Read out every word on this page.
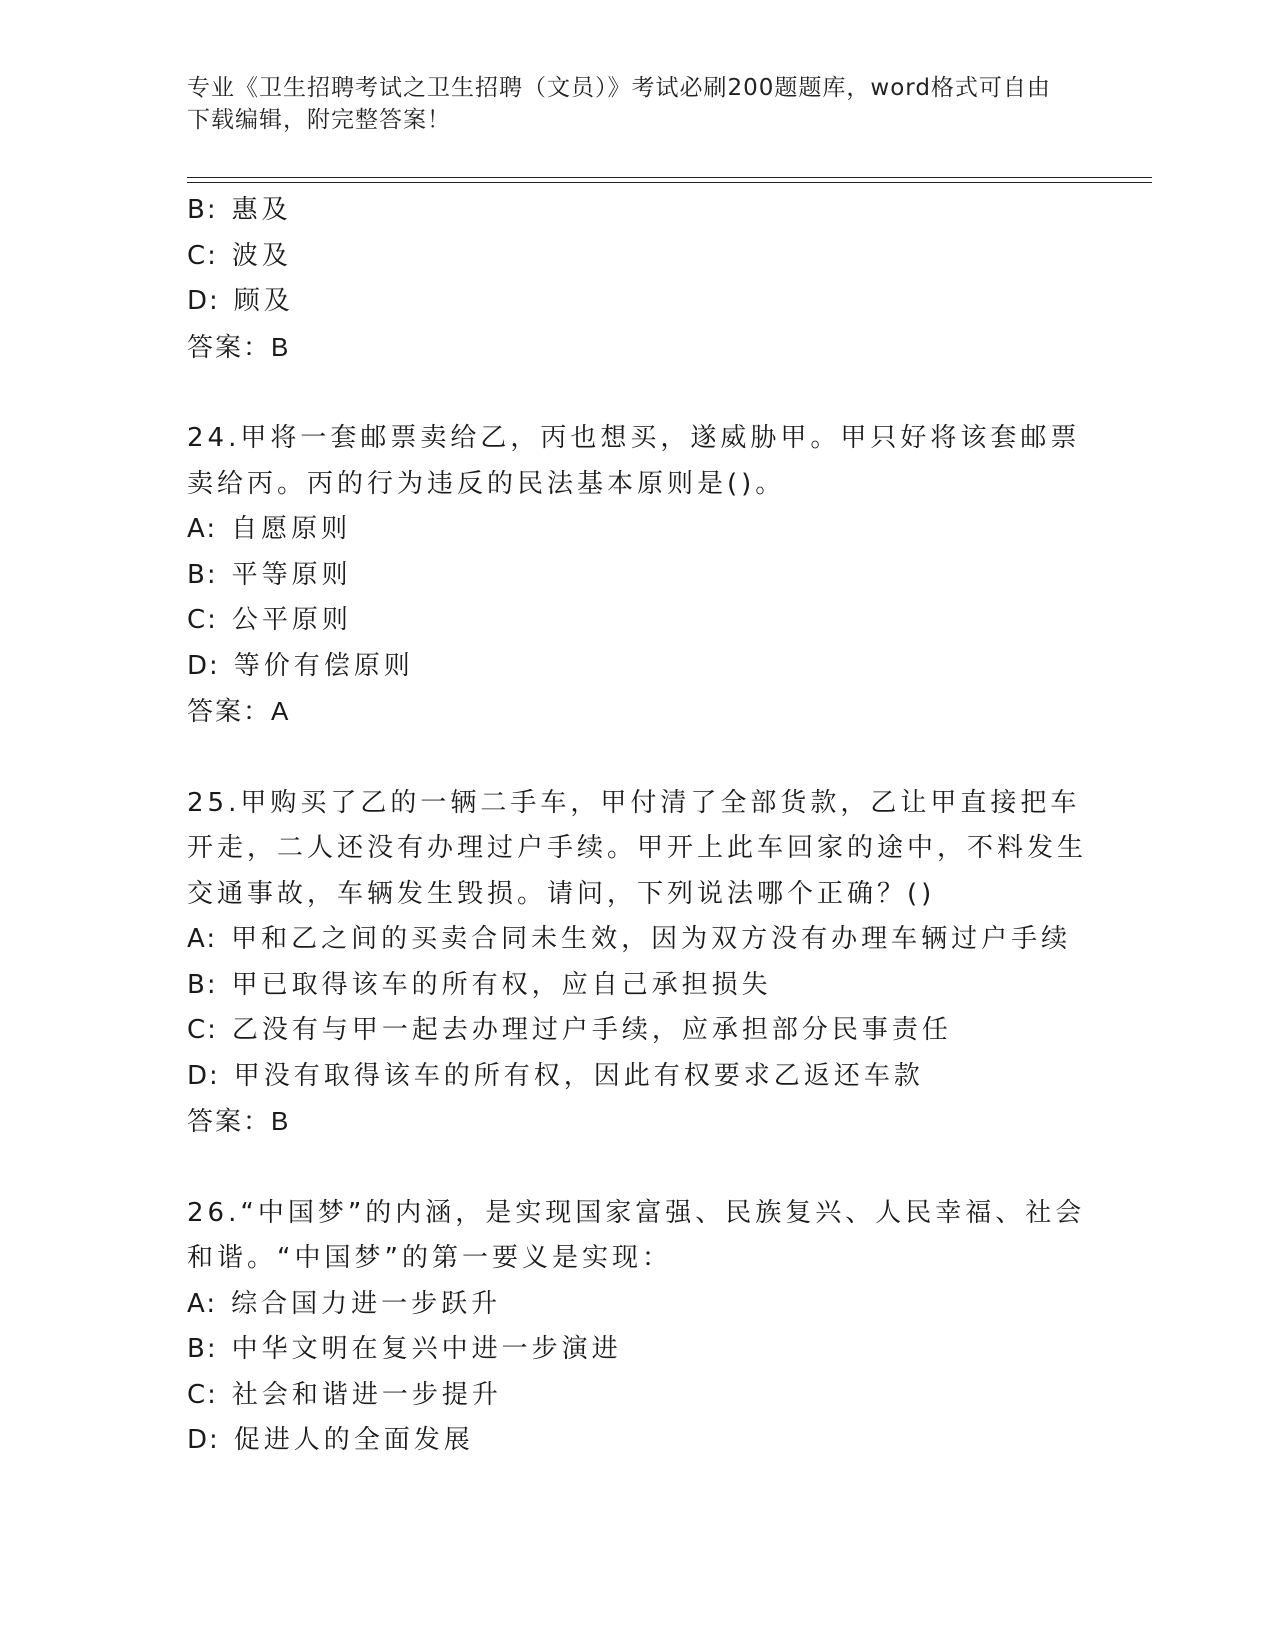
专业《卫生招聘考试之卫生招聘（文员）》考试必刷200题题库，word格式可自由下载编辑，附完整答案！
B: 惠及
C: 波及
D: 顾及
答案：B
24.甲将一套邮票卖给乙，丙也想买，遂威胁甲。甲只好将该套邮票卖给丙。丙的行为违反的民法基本原则是()。
A: 自愿原则
B: 平等原则
C: 公平原则
D: 等价有偿原则
答案：A
25.甲购买了乙的一辆二手车，甲付清了全部货款，乙让甲直接把车开走，二人还没有办理过户手续。甲开上此车回家的途中，不料发生交通事故，车辆发生毁损。请问，下列说法哪个正确？()
A: 甲和乙之间的买卖合同未生效，因为双方没有办理车辆过户手续
B: 甲已取得该车的所有权，应自己承担损失
C: 乙没有与甲一起去办理过户手续，应承担部分民事责任
D: 甲没有取得该车的所有权，因此有权要求乙返还车款
答案：B
26.“中国梦”的内涵，是实现国家富强、民族复兴、人民幸福、社会和谐。“中国梦”的第一要义是实现：
A: 综合国力进一步跃升
B: 中华文明在复兴中进一步演进
C: 社会和谐进一步提升
D: 促进人的全面发展
